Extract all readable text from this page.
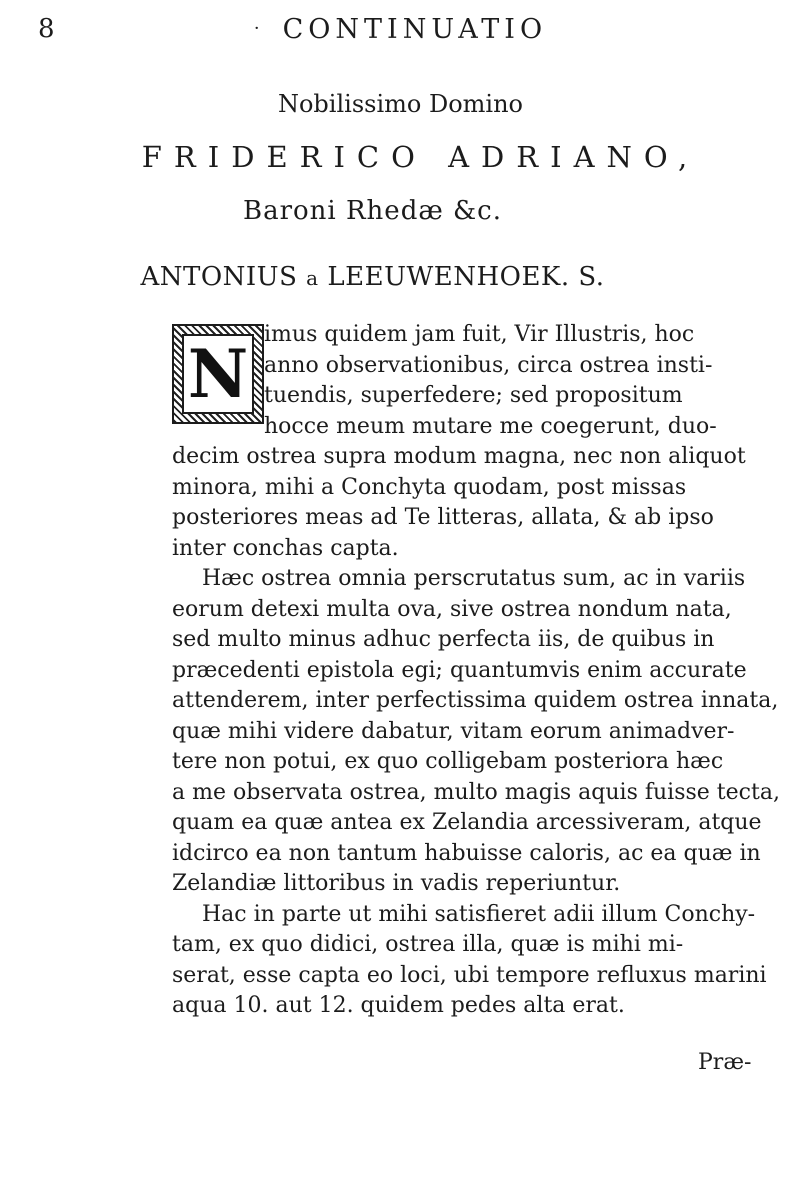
8	· CONTINUATIO
Nobilissimo Domino
FRIDERICO ADRIANO,
Baroni Rhedæ &c.
ANTONIUS a LEEUWENHOEK. S.
N
imus quidem jam fuit, Vir Illustris, hoc
anno observationibus, circa ostrea insti-
tuendis, superfedere; sed propositum
hocce meum mutare me coegerunt, duo-
decim ostrea supra modum magna, nec non aliquot
minora, mihi a Conchyta quodam, post missas
posteriores meas ad Te litteras, allata, & ab ipso
inter conchas capta.
Hæc ostrea omnia perscrutatus sum, ac in variis
eorum detexi multa ova, sive ostrea nondum nata,
sed multo minus adhuc perfecta iis, de quibus in
præcedenti epistola egi; quantumvis enim accurate
attenderem, inter perfectissima quidem ostrea innata,
quæ mihi videre dabatur, vitam eorum animadver-
tere non potui, ex quo colligebam posteriora hæc
a me observata ostrea, multo magis aquis fuisse tecta,
quam ea quæ antea ex Zelandia arcessiveram, atque
idcirco ea non tantum habuisse caloris, ac ea quæ in
Zelandiæ littoribus in vadis reperiuntur.
Hac in parte ut mihi satisfieret adii illum Conchy-
tam, ex quo didici, ostrea illa, quæ is mihi mi-
serat, esse capta eo loci, ubi tempore refluxus marini
aqua 10. aut 12. quidem pedes alta erat.
Præ-
